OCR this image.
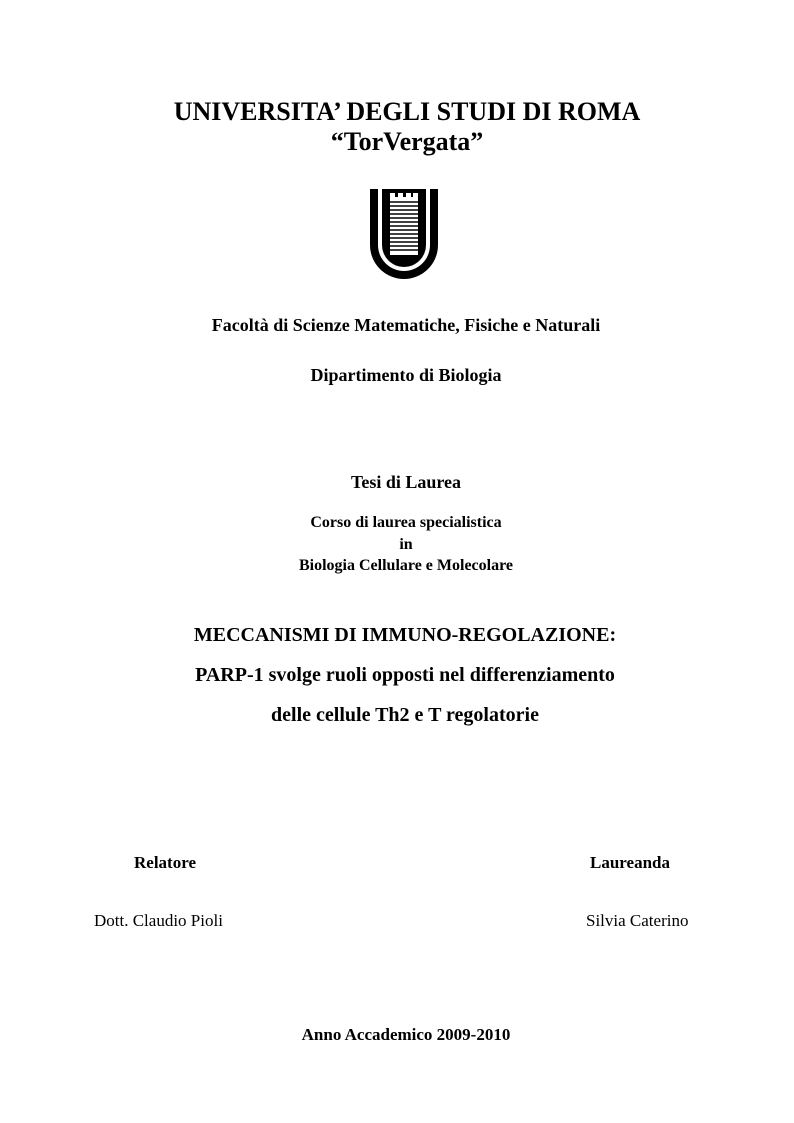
UNIVERSITA’ DEGLI STUDI DI ROMA
“TorVergata”
Facoltà di Scienze Matematiche, Fisiche e Naturali
Dipartimento di Biologia
Tesi di Laurea
Corso di laurea specialistica
in
Biologia Cellulare e Molecolare
MECCANISMI DI IMMUNO-REGOLAZIONE:
PARP-1 svolge ruoli opposti nel differenziamento
delle cellule Th2 e T regolatorie
Relatore	Laureanda
Dott. Claudio Pioli	Silvia Caterino
Anno Accademico 2009-2010
